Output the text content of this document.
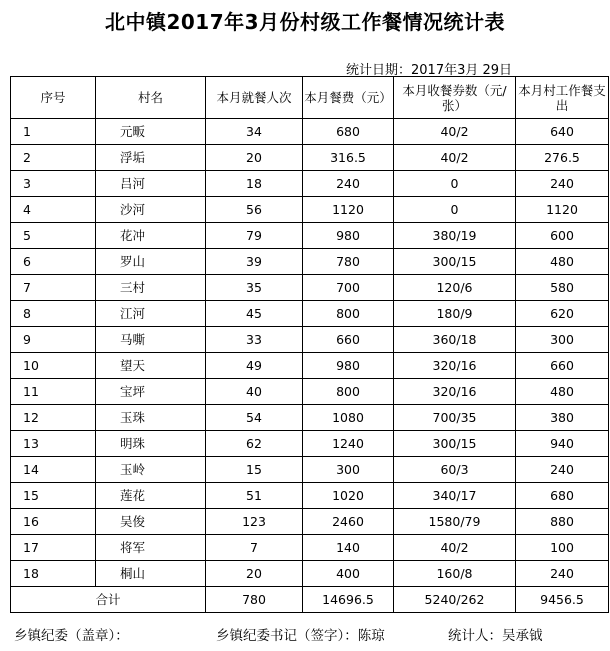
北中镇2017年3月份村级工作餐情况统计表
统计日期：2017年3月 29日
序号	村名	本月就餐人次	本月餐费（元）	本月收餐券数（元/张）	本月村工作餐支出
1	元畈	34	680	40/2	640
2	浮垢	20	316.5	40/2	276.5
3	吕河	18	240	0	240
4	沙河	56	1120	0	1120
5	花冲	79	980	380/19	600
6	罗山	39	780	300/15	480
7	三村	35	700	120/6	580
8	江河	45	800	180/9	620
9	马嘶	33	660	360/18	300
10	望天	49	980	320/16	660
11	宝坪	40	800	320/16	480
12	玉珠	54	1080	700/35	380
13	明珠	62	1240	300/15	940
14	玉岭	15	300	60/3	240
15	莲花	51	1020	340/17	680
16	吴俊	123	2460	1580/79	880
17	将军	7	140	40/2	100
18	桐山	20	400	160/8	240
合计		780	14696.5	5240/262	9456.5
乡镇纪委（盖章）：	乡镇纪委书记（签字）：陈琼	统计人：吴承钺
